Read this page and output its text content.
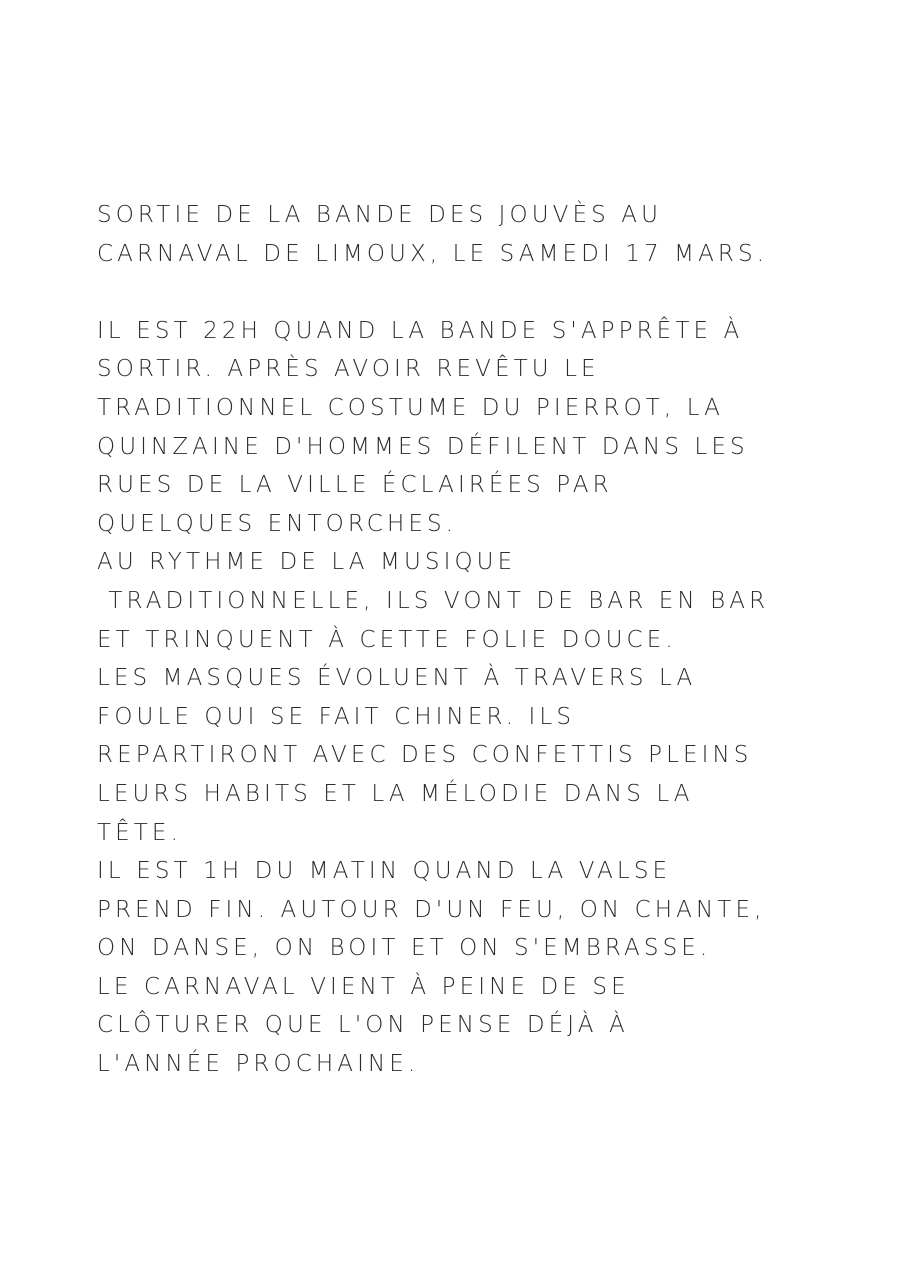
SORTIE DE LA BANDE DES JOUVÈS AU
CARNAVAL DE LIMOUX, LE SAMEDI 17 MARS.
IL EST 22H QUAND LA BANDE S'APPRÊTE À
SORTIR. APRÈS AVOIR REVÊTU LE
TRADITIONNEL COSTUME DU PIERROT, LA
QUINZAINE D'HOMMES DÉFILENT DANS LES
RUES DE LA VILLE ÉCLAIRÉES PAR
QUELQUES ENTORCHES.
AU RYTHME DE LA MUSIQUE
TRADITIONNELLE, ILS VONT DE BAR EN BAR
ET TRINQUENT À CETTE FOLIE DOUCE.
LES MASQUES ÉVOLUENT À TRAVERS LA
FOULE QUI SE FAIT CHINER. ILS
REPARTIRONT AVEC DES CONFETTIS PLEINS
LEURS HABITS ET LA MÉLODIE DANS LA
TÊTE.
IL EST 1H DU MATIN QUAND LA VALSE
PREND FIN. AUTOUR D'UN FEU, ON CHANTE,
ON DANSE, ON BOIT ET ON S'EMBRASSE.
LE CARNAVAL VIENT À PEINE DE SE
CLÔTURER QUE L'ON PENSE DÉJÀ À
L'ANNÉE PROCHAINE.
